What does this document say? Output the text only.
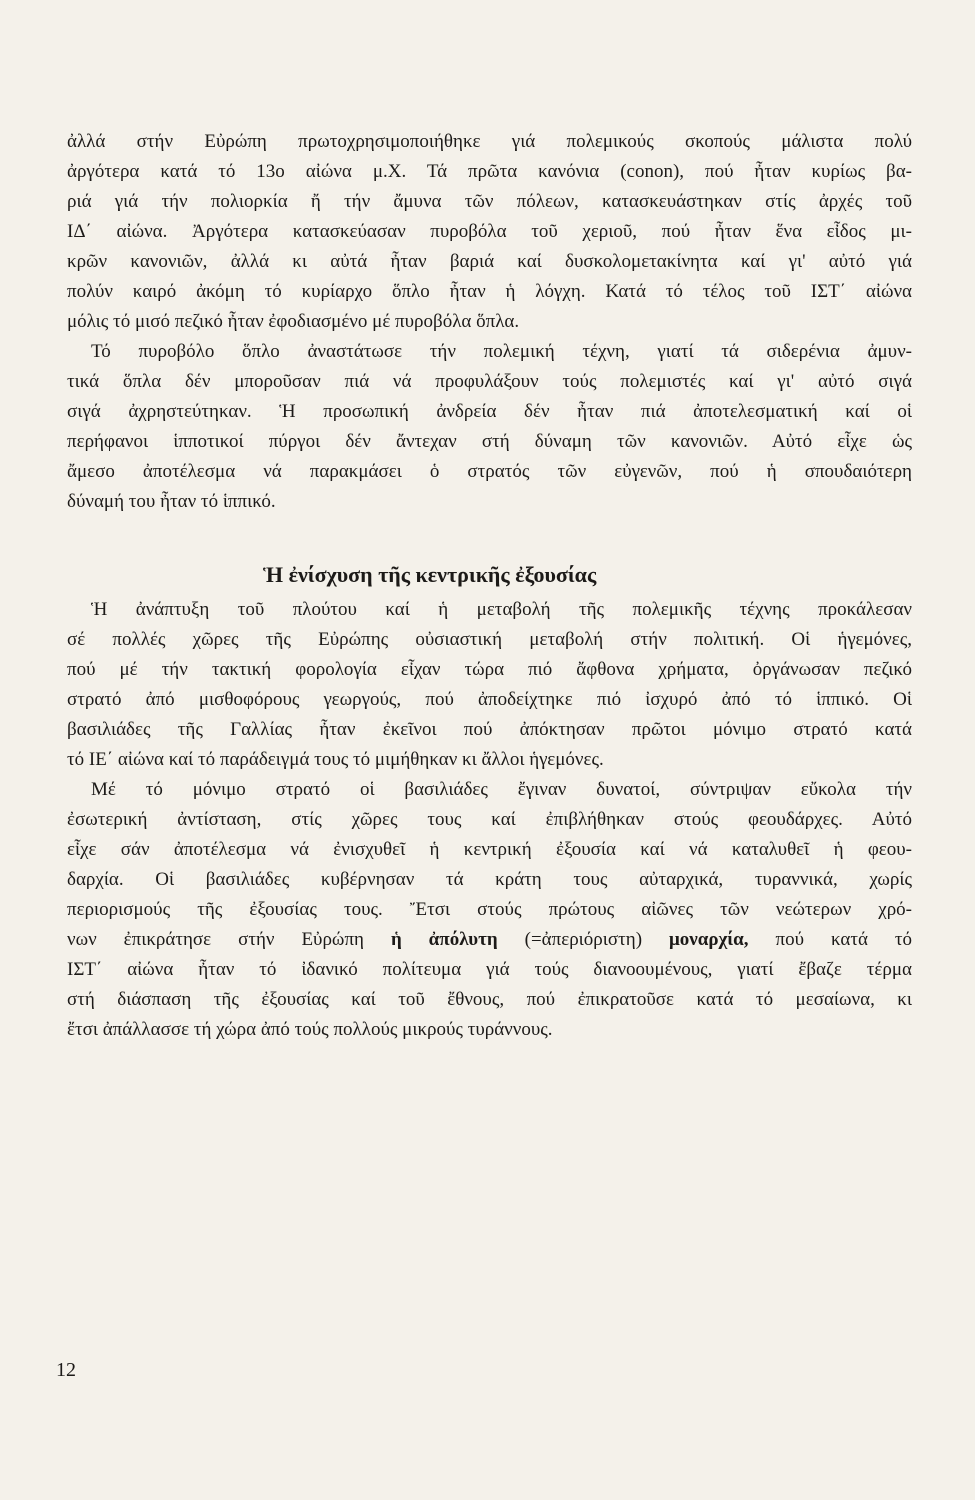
ἀλλά στήν Εὐρώπη πρωτοχρησιμοποιήθηκε γιά πολεμικούς σκοπούς μάλιστα πολύ
ἀργότερα κατά τό 13ο αἰώνα μ.Χ. Τά πρῶτα κανόνια (conon), πού ἦταν κυρίως βα-
ριά γιά τήν πολιορκία ἤ τήν ἄμυνα τῶν πόλεων, κατασκευάστηκαν στίς ἀρχές τοῦ
ΙΔ΄ αἰώνα. Ἀργότερα κατασκεύασαν πυροβόλα τοῦ χεριοῦ, πού ἦταν ἕνα εἶδος μι-
κρῶν κανονιῶν, ἀλλά κι αὐτά ἦταν βαριά καί δυσκολομετακίνητα καί γι' αὐτό γιά
πολύν καιρό ἀκόμη τό κυρίαρχο ὅπλο ἦταν ἡ λόγχη. Κατά τό τέλος τοῦ ΙΣΤ΄ αἰώνα
μόλις τό μισό πεζικό ἦταν ἐφοδιασμένο μέ πυροβόλα ὅπλα.
Τό πυροβόλο ὅπλο ἀναστάτωσε τήν πολεμική τέχνη, γιατί τά σιδερένια ἀμυν-
τικά ὅπλα δέν μποροῦσαν πιά νά προφυλάξουν τούς πολεμιστές καί γι' αὐτό σιγά
σιγά ἀχρηστεύτηκαν. Ἡ προσωπική ἀνδρεία δέν ἦταν πιά ἀποτελεσματική καί οἱ
περήφανοι ἱπποτικοί πύργοι δέν ἄντεχαν στή δύναμη τῶν κανονιῶν. Αὐτό εἶχε ὡς
ἄμεσο ἀποτέλεσμα νά παρακμάσει ὁ στρατός τῶν εὐγενῶν, πού ἡ σπουδαιότερη
δύναμή του ἦταν τό ἱππικό.
Ἡ ἐνίσχυση τῆς κεντρικῆς ἐξουσίας
Ἡ ἀνάπτυξη τοῦ πλούτου καί ἡ μεταβολή τῆς πολεμικῆς τέχνης προκάλεσαν
σέ πολλές χῶρες τῆς Εὐρώπης οὐσιαστική μεταβολή στήν πολιτική. Οἱ ἡγεμόνες,
πού μέ τήν τακτική φορολογία εἶχαν τώρα πιό ἄφθονα χρήματα, ὀργάνωσαν πεζικό
στρατό ἀπό μισθοφόρους γεωργούς, πού ἀποδείχτηκε πιό ἰσχυρό ἀπό τό ἱππικό. Οἱ
βασιλιάδες τῆς Γαλλίας ἦταν ἐκεῖνοι πού ἀπόκτησαν πρῶτοι μόνιμο στρατό κατά
τό ΙΕ΄ αἰώνα καί τό παράδειγμά τους τό μιμήθηκαν κι ἄλλοι ἡγεμόνες.
Μέ τό μόνιμο στρατό οἱ βασιλιάδες ἔγιναν δυνατοί, σύντριψαν εὔκολα τήν
ἐσωτερική ἀντίσταση, στίς χῶρες τους καί ἐπιβλήθηκαν στούς φεουδάρχες. Αὐτό
εἶχε σάν ἀποτέλεσμα νά ἐνισχυθεῖ ἡ κεντρική ἐξουσία καί νά καταλυθεῖ ἡ φεου-
δαρχία. Οἱ βασιλιάδες κυβέρνησαν τά κράτη τους αὐταρχικά, τυραννικά, χωρίς
περιορισμούς τῆς ἐξουσίας τους. Ἔτσι στούς πρώτους αἰῶνες τῶν νεώτερων χρό-
νων ἐπικράτησε στήν Εὐρώπη ἡ ἀπόλυτη (=ἀπεριόριστη) μοναρχία, πού κατά τό
ΙΣΤ΄ αἰώνα ἦταν τό ἰδανικό πολίτευμα γιά τούς διανοουμένους, γιατί ἔβαζε τέρμα
στή διάσπαση τῆς ἐξουσίας καί τοῦ ἔθνους, πού ἐπικρατοῦσε κατά τό μεσαίωνα, κι
ἔτσι ἀπάλλασσε τή χώρα ἀπό τούς πολλούς μικρούς τυράννους.
12
